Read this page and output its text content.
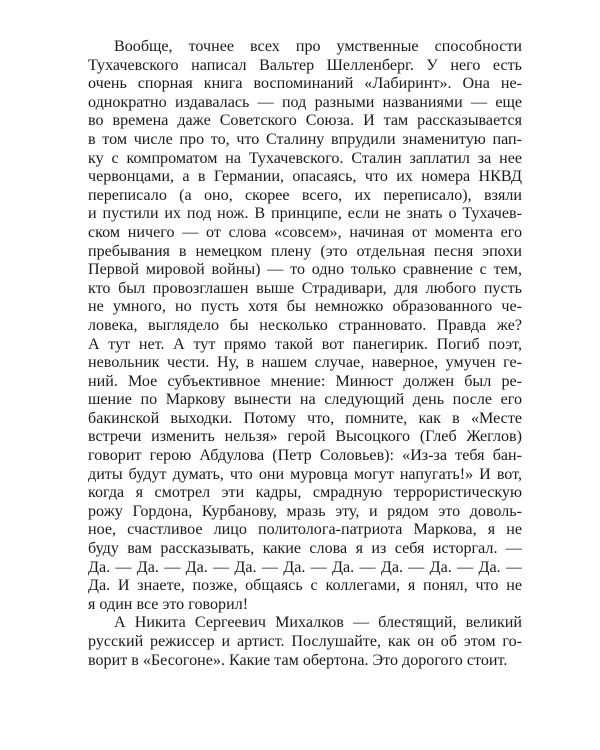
Вообще, точнее всех про умственные способности
Тухачевского написал Вальтер Шелленберг. У него есть
очень спорная книга воспоминаний «Лабиринт». Она не-
однократно издавалась — под разными названиями — еще
во времена даже Советского Союза. И там рассказывается
в том числе про то, что Сталину впрудили знаменитую пап-
ку с компроматом на Тухачевского. Сталин заплатил за нее
червонцами, а в Германии, опасаясь, что их номера НКВД
переписало (а оно, скорее всего, их переписало), взяли
и пустили их под нож. В принципе, если не знать о Тухачев-
ском ничего — от слова «совсем», начиная от момента его
пребывания в немецком плену (это отдельная песня эпохи
Первой мировой войны) — то одно только сравнение с тем,
кто был провозглашен выше Страдивари, для любого пусть
не умного, но пусть хотя бы немножко образованного че-
ловека, выглядело бы несколько странновато. Правда же?
А тут нет. А тут прямо такой вот панегирик. Погиб поэт,
невольник чести. Ну, в нашем случае, наверное, умучен ге-
ний. Мое субъективное мнение: Минюст должен был ре-
шение по Маркову вынести на следующий день после его
бакинской выходки. Потому что, помните, как в «Месте
встречи изменить нельзя» герой Высоцкого (Глеб Жеглов)
говорит герою Абдулова (Петр Соловьев): «Из-за тебя бан-
диты будут думать, что они муровца могут напугать!» И вот,
когда я смотрел эти кадры, смрадную террористическую
рожу Гордона, Курбанову, мразь эту, и рядом это доволь-
ное, счастливое лицо политолога-патриота Маркова, я не
буду вам рассказывать, какие слова я из себя исторгал. —
Да. — Да. — Да. — Да. — Да. — Да. — Да. — Да. — Да. —
Да. И знаете, позже, общаясь с коллегами, я понял, что не
я один все это говорил!
А Никита Сергеевич Михалков — блестящий, великий
русский режиссер и артист. Послушайте, как он об этом го-
ворит в «Бесогоне». Какие там обертона. Это дорогого стоит.
